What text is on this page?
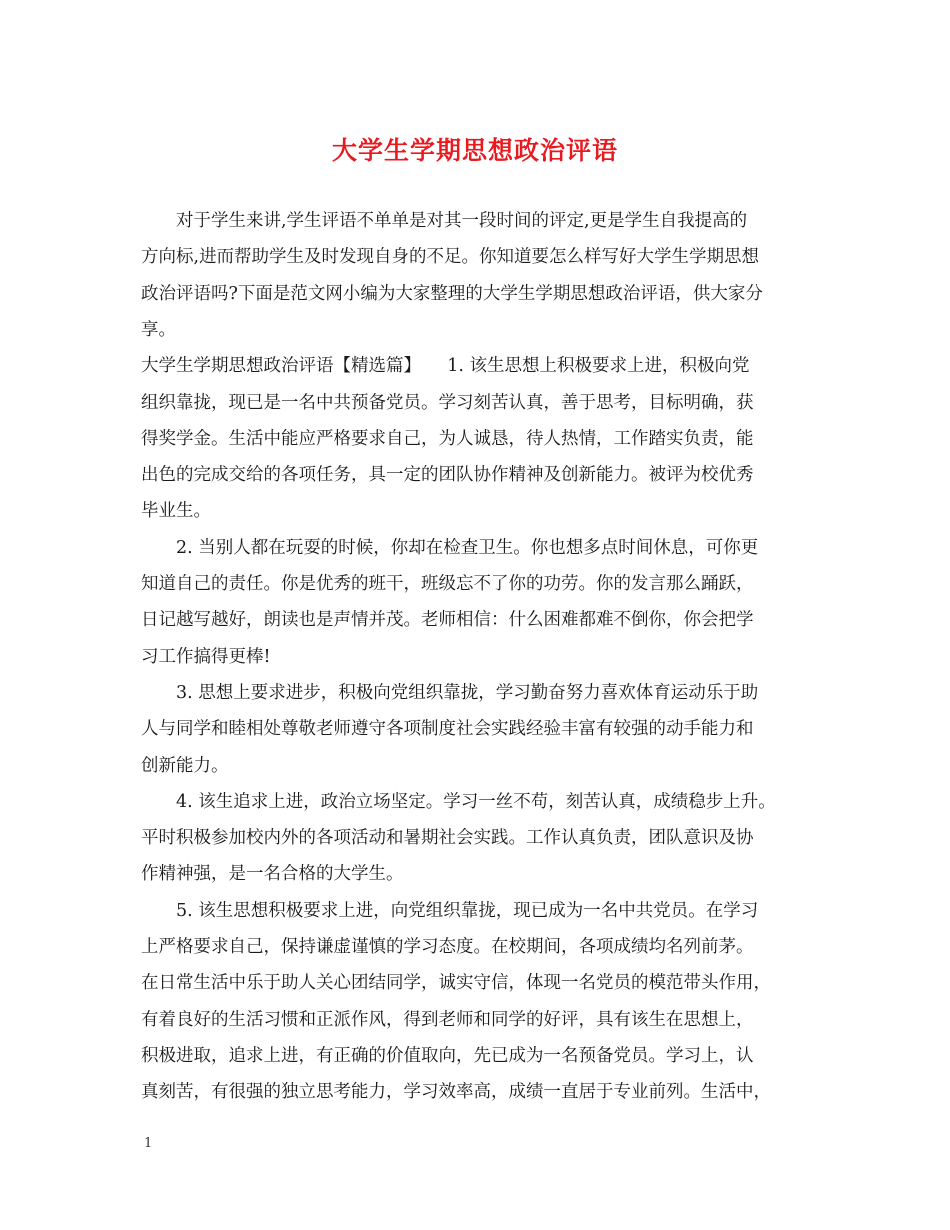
大学生学期思想政治评语

　　对于学生来讲,学生评语不单单是对其一段时间的评定,更是学生自我提高的

方向标,进而帮助学生及时发现自身的不足。你知道要怎么样写好大学生学期思想

政治评语吗?下面是范文网小编为大家整理的大学生学期思想政治评语，供大家分

享。

大学生学期思想政治评语【精选篇】　　1. 该生思想上积极要求上进，积极向党

组织靠拢，现已是一名中共预备党员。学习刻苦认真，善于思考，目标明确，获

得奖学金。生活中能应严格要求自己，为人诚恳，待人热情，工作踏实负责，能

出色的完成交给的各项任务，具一定的团队协作精神及创新能力。被评为校优秀

毕业生。

　　2. 当别人都在玩耍的时候，你却在检查卫生。你也想多点时间休息，可你更

知道自己的责任。你是优秀的班干，班级忘不了你的功劳。你的发言那么踊跃，

日记越写越好，朗读也是声情并茂。老师相信：什么困难都难不倒你，你会把学

习工作搞得更棒!

　　3. 思想上要求进步，积极向党组织靠拢，学习勤奋努力喜欢体育运动乐于助

人与同学和睦相处尊敬老师遵守各项制度社会实践经验丰富有较强的动手能力和

创新能力。

　　4. 该生追求上进，政治立场坚定。学习一丝不苟，刻苦认真，成绩稳步上升。

平时积极参加校内外的各项活动和暑期社会实践。工作认真负责，团队意识及协

作精神强，是一名合格的大学生。

　　5. 该生思想积极要求上进，向党组织靠拢，现已成为一名中共党员。在学习

上严格要求自己，保持谦虚谨慎的学习态度。在校期间，各项成绩均名列前茅。

在日常生活中乐于助人关心团结同学，诚实守信，体现一名党员的模范带头作用，

有着良好的生活习惯和正派作风，得到老师和同学的好评，具有该生在思想上，

积极进取，追求上进，有正确的价值取向，先已成为一名预备党员。学习上，认

真刻苦，有很强的独立思考能力，学习效率高，成绩一直居于专业前列。生活中，

1
